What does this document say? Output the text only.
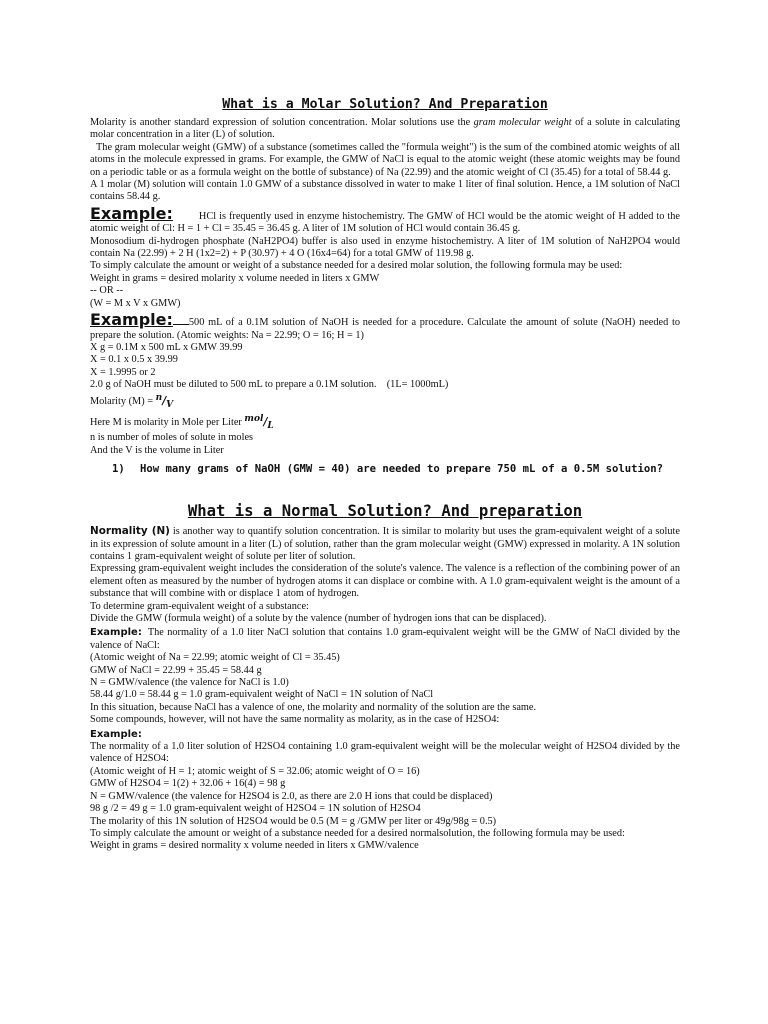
What is a Molar Solution? And Preparation

Molarity is another standard expression of solution concentration. Molar solutions use the gram molecular weight of a solute in calculating molar concentration in a liter (L) of solution.

The gram molecular weight (GMW) of a substance (sometimes called the "formula weight") is the sum of the combined atomic weights of all atoms in the molecule expressed in grams. For example, the GMW of NaCl is equal to the atomic weight (these atomic weights may be found on a periodic table or as a formula weight on the bottle of substance) of Na (22.99) and the atomic weight of Cl (35.45) for a total of 58.44 g.

A 1 molar (M) solution will contain 1.0 GMW of a substance dissolved in water to make 1 liter of final solution. Hence, a 1M solution of NaCl contains 58.44 g.

Example:	HCl is frequently used in enzyme histochemistry. The GMW of HCl would be the atomic weight of H added to the atomic weight of Cl: H = 1 + Cl = 35.45 = 36.45 g. A liter of 1M solution of HCl would contain 36.45 g.

Monosodium di-hydrogen phosphate (NaH2PO4) buffer is also used in enzyme histochemistry. A liter of 1M solution of NaH2PO4 would contain Na (22.99) + 2 H (1x2=2) + P (30.97) + 4 O (16x4=64) for a total GMW of 119.98 g.

To simply calculate the amount or weight of a substance needed for a desired molar solution, the following formula may be used:

Weight in grams = desired molarity x volume needed in liters x GMW

-- OR --

(W = M x V x GMW)

Example: 500 mL of a 0.1M solution of NaOH is needed for a procedure. Calculate the amount of solute (NaOH) needed to prepare the solution. (Atomic weights: Na = 22.99; O = 16; H = 1)

X g = 0.1M x 500 mL x GMW 39.99

X = 0.1 x 0.5 x 39.99

X = 1.9995 or 2

2.0 g of NaOH must be diluted to 500 mL to prepare a 0.1M solution.    (1L= 1000mL)

Molarity $(M) = ^n/_V$

Here M is molarity in Mole per Liter $^{mol}/_L$

n is number of moles of solute in moles

And the V is the volume in Liter

1)	How many grams of NaOH (GMW = 40) are needed to prepare 750 mL of a 0.5M solution?
What is a Normal Solution? And preparation

Normality (N) is another way to quantify solution concentration. It is similar to molarity but uses the gram-equivalent weight of a solute in its expression of solute amount in a liter (L) of solution, rather than the gram molecular weight (GMW) expressed in molarity. A 1N solution contains 1 gram-equivalent weight of solute per liter of solution.

Expressing gram-equivalent weight includes the consideration of the solute's valence. The valence is a reflection of the combining power of an element often as measured by the number of hydrogen atoms it can displace or combine with. A 1.0 gram-equivalent weight is the amount of a substance that will combine with or displace 1 atom of hydrogen.

To determine gram-equivalent weight of a substance:

Divide the GMW (formula weight) of a solute by the valence (number of hydrogen ions that can be displaced).

Example: The normality of a 1.0 liter NaCl solution that contains 1.0 gram-equivalent weight will be the GMW of NaCl divided by the valence of NaCl:

(Atomic weight of Na = 22.99; atomic weight of Cl = 35.45)

GMW of NaCl = 22.99 + 35.45 = 58.44 g

N = GMW/valence (the valence for NaCl is 1.0)

58.44 g/1.0 = 58.44 g = 1.0 gram-equivalent weight of NaCl = 1N solution of NaCl

In this situation, because NaCl has a valence of one, the molarity and normality of the solution are the same.

Some compounds, however, will not have the same normality as molarity, as in the case of H2SO4:

Example:

The normality of a 1.0 liter solution of H2SO4 containing 1.0 gram-equivalent weight will be the molecular weight of H2SO4 divided by the valence of H2SO4:

(Atomic weight of H = 1; atomic weight of S = 32.06; atomic weight of O = 16)

GMW of H2SO4 = 1(2) + 32.06 + 16(4) = 98 g

N = GMW/valence (the valence for H2SO4 is 2.0, as there are 2.0 H ions that could be displaced)

98 g /2 = 49 g = 1.0 gram-equivalent weight of H2SO4 = 1N solution of H2SO4

The molarity of this 1N solution of H2SO4 would be 0.5 (M = g /GMW per liter or 49g/98g = 0.5)

To simply calculate the amount or weight of a substance needed for a desired normalsolution, the following formula may be used:

Weight in grams = desired normality x volume needed in liters x GMW/valence
